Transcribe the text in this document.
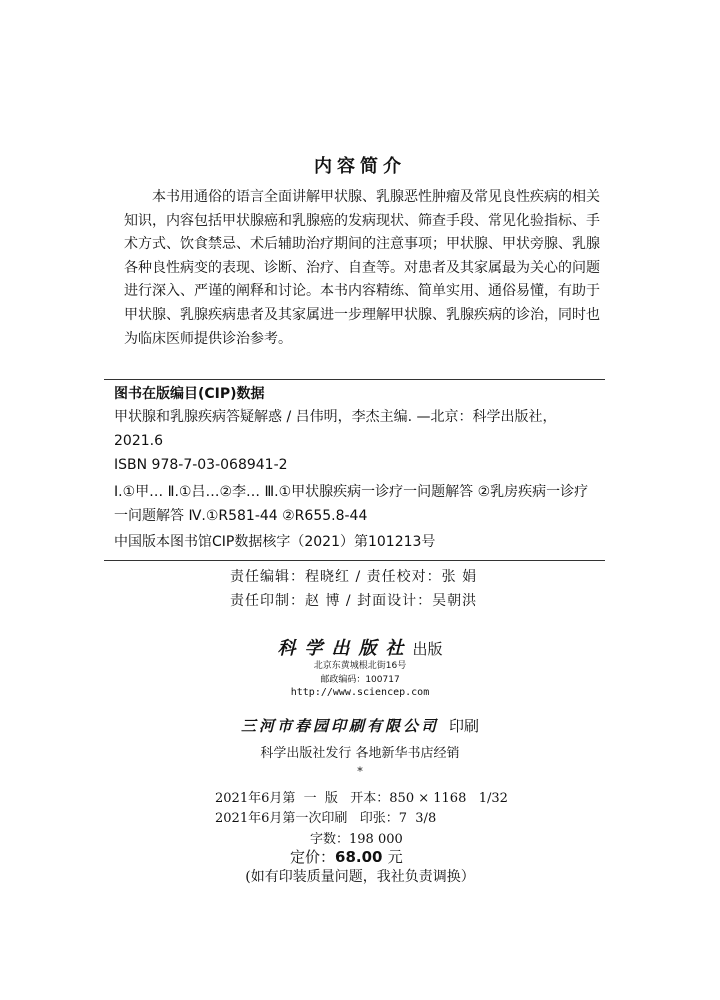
内容简介

本书用通俗的语言全面讲解甲状腺、乳腺恶性肿瘤及常见良性疾病的相关知识，内容包括甲状腺癌和乳腺癌的发病现状、筛查手段、常见化验指标、手术方式、饮食禁忌、术后辅助治疗期间的注意事项；甲状腺、甲状旁腺、乳腺各种良性病变的表现、诊断、治疗、自查等。对患者及其家属最为关心的问题进行深入、严谨的阐释和讨论。本书内容精练、简单实用、通俗易懂，有助于甲状腺、乳腺疾病患者及其家属进一步理解甲状腺、乳腺疾病的诊治，同时也为临床医师提供诊治参考。

图书在版编目(CIP)数据

甲状腺和乳腺疾病答疑解惑 / 吕伟明，李杰主编. —北京：科学出版社，2021.6

ISBN 978-7-03-068941-2

Ⅰ.①甲… Ⅱ.①吕…②李… Ⅲ.①甲状腺疾病一诊疗一问题解答 ②乳房疾病一诊疗一问题解答 Ⅳ.①R581-44 ②R655.8-44

中国版本图书馆CIP数据核字（2021）第101213号

责任编辑：程晓红 / 责任校对：张 娟
责任印制：赵 博 / 封面设计：吴朝洪
科学出版社出版
北京东黄城根北街16号
邮政编码：100717
http://www.sciencep.com
三河市春园印刷有限公司 印刷
科学出版社发行 各地新华书店经销
*
2021年6月第  一  版   开本：850 × 1168   1/32
2021年6月第一次印刷   印张：7  3/8
字数：198 000
定价：68.00 元
(如有印装质量问题，我社负责调换）
